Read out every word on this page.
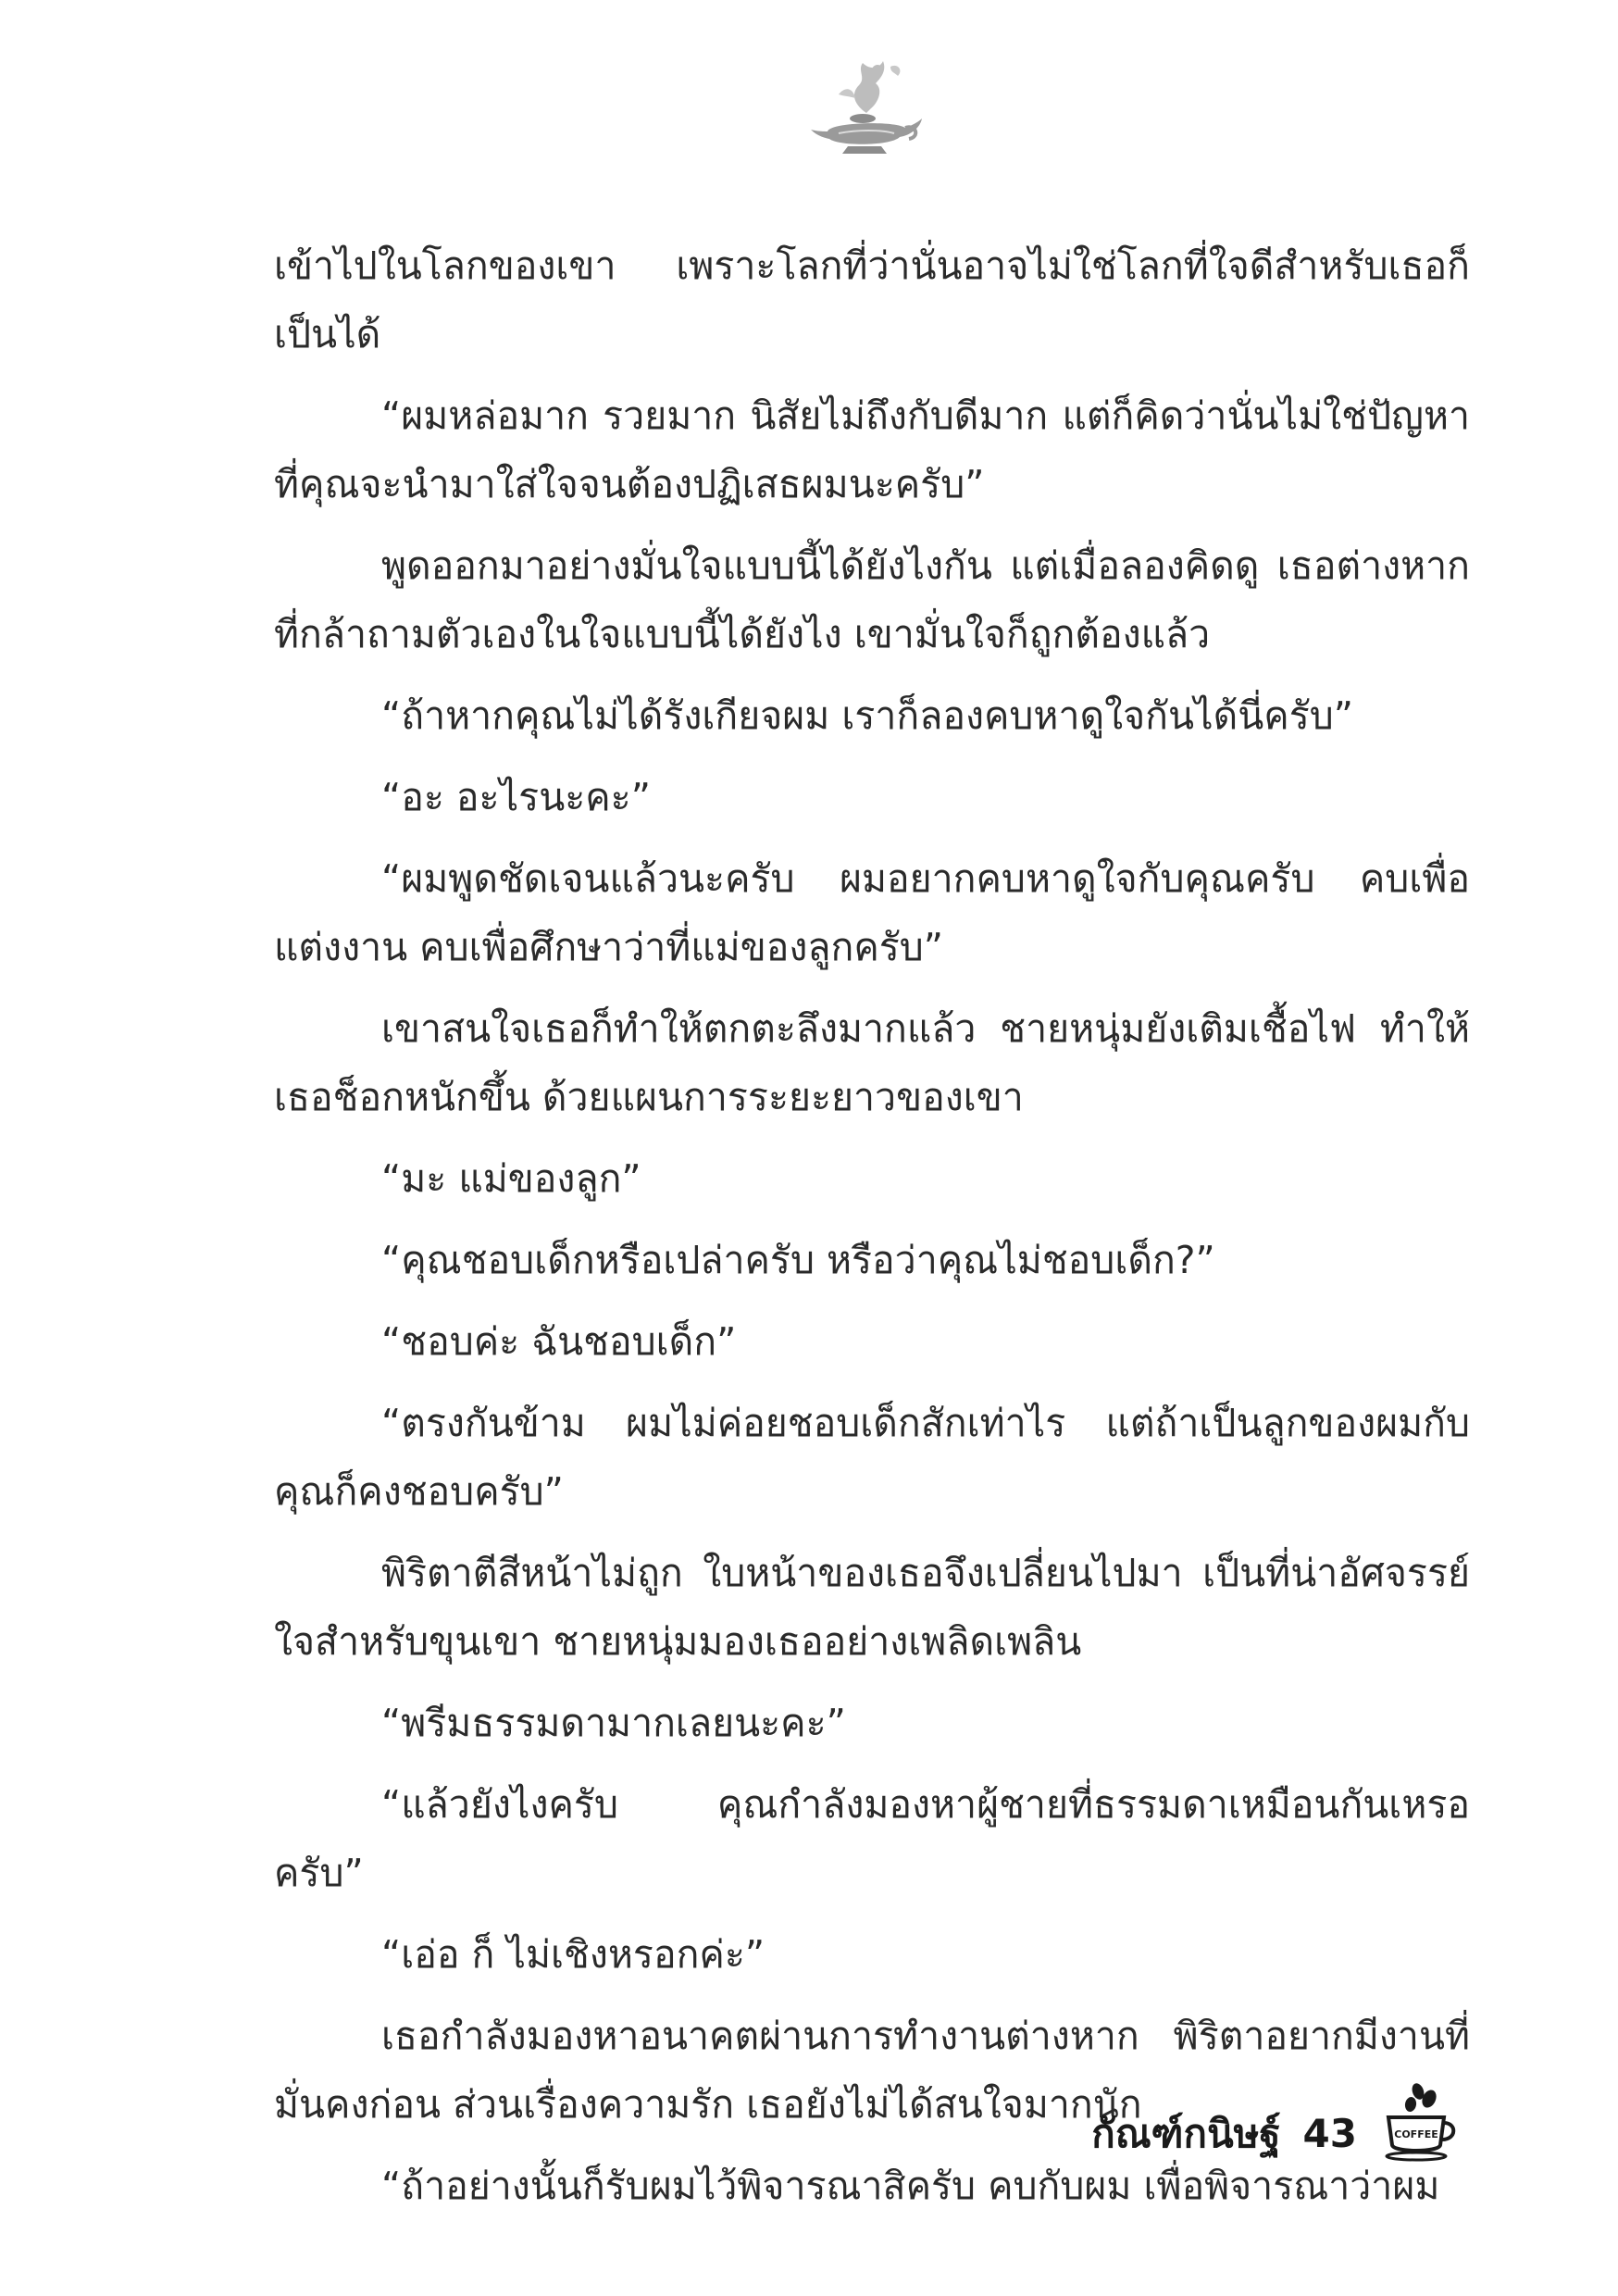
เข้าไปในโลกของเขา เพราะโลกที่ว่านั่นอาจไม่ใช่โลกที่ใจดีสำหรับเธอก็เป็นได้

“ผมหล่อมาก รวยมาก นิสัยไม่ถึงกับดีมาก แต่ก็คิดว่านั่นไม่ใช่ปัญหาที่คุณจะนำมาใส่ใจจนต้องปฏิเสธผมนะครับ”

พูดออกมาอย่างมั่นใจแบบนี้ได้ยังไงกัน แต่เมื่อลองคิดดู เธอต่างหากที่กล้าถามตัวเองในใจแบบนี้ได้ยังไง เขามั่นใจก็ถูกต้องแล้ว

“ถ้าหากคุณไม่ได้รังเกียจผม เราก็ลองคบหาดูใจกันได้นี่ครับ”

“อะ อะไรนะคะ”

“ผมพูดชัดเจนแล้วนะครับ ผมอยากคบหาดูใจกับคุณครับ คบเพื่อแต่งงาน คบเพื่อศึกษาว่าที่แม่ของลูกครับ”

เขาสนใจเธอก็ทำให้ตกตะลึงมากแล้ว ชายหนุ่มยังเติมเชื้อไฟ ทำให้เธอช็อกหนักขึ้น ด้วยแผนการระยะยาวของเขา

“มะ แม่ของลูก”

“คุณชอบเด็กหรือเปล่าครับ หรือว่าคุณไม่ชอบเด็ก?”

“ชอบค่ะ ฉันชอบเด็ก”

“ตรงกันข้าม ผมไม่ค่อยชอบเด็กสักเท่าไร แต่ถ้าเป็นลูกของผมกับคุณก็คงชอบครับ”

พิริตาตีสีหน้าไม่ถูก ใบหน้าของเธอจึงเปลี่ยนไปมา เป็นที่น่าอัศจรรย์ใจสำหรับขุนเขา ชายหนุ่มมองเธออย่างเพลิดเพลิน

“พรีมธรรมดามากเลยนะคะ”

“แล้วยังไงครับ คุณกำลังมองหาผู้ชายที่ธรรมดาเหมือนกันเหรอครับ”

“เอ่อ ก็ ไม่เชิงหรอกค่ะ”

เธอกำลังมองหาอนาคตผ่านการทำงานต่างหาก พิริตาอยากมีงานที่มั่นคงก่อน ส่วนเรื่องความรัก เธอยังไม่ได้สนใจมากนัก

“ถ้าอย่างนั้นก็รับผมไว้พิจารณาสิครับ คบกับผม เพื่อพิจารณาว่าผม

กัณฑ์กนิษฐ์ 43	COFFEE
